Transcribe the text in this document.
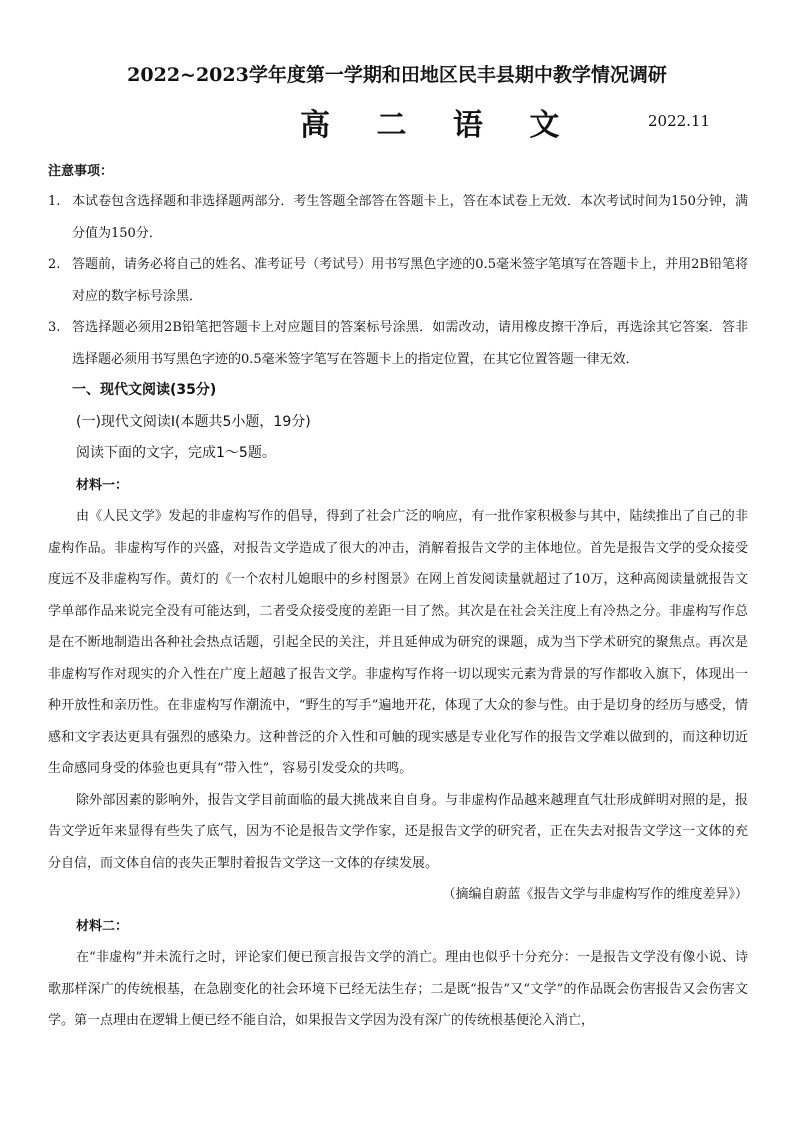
2022~2023学年度第一学期和田地区民丰县期中教学情况调研
高 二 语 文	2022.11
注意事项：
1. 本试卷包含选择题和非选择题两部分．考生答题全部答在答题卡上，答在本试卷上无效．本次考试时间为150分钟，满分值为150分．
2. 答题前，请务必将自己的姓名、准考证号（考试号）用书写黑色字迹的0.5毫米签字笔填写在答题卡上，并用2B铅笔将对应的数字标号涂黑．
3. 答选择题必须用2B铅笔把答题卡上对应题目的答案标号涂黑．如需改动，请用橡皮擦干净后，再选涂其它答案．答非选择题必须用书写黑色字迹的0.5毫米签字笔写在答题卡上的指定位置，在其它位置答题一律无效．
一、现代文阅读(35分)
(一)现代文阅读Ⅰ(本题共5小题，19分)
阅读下面的文字，完成1～5题。
材料一：
由《人民文学》发起的非虚构写作的倡导，得到了社会广泛的响应，有一批作家积极参与其中，陆续推出了自己的非虚构作品。非虚构写作的兴盛，对报告文学造成了很大的冲击，消解着报告文学的主体地位。首先是报告文学的受众接受度远不及非虚构写作。黄灯的《一个农村儿媳眼中的乡村图景》在网上首发阅读量就超过了10万，这种高阅读量就报告文学单部作品来说完全没有可能达到，二者受众接受度的差距一目了然。其次是在社会关注度上有冷热之分。非虚构写作总是在不断地制造出各种社会热点话题，引起全民的关注，并且延伸成为研究的课题，成为当下学术研究的聚焦点。再次是非虚构写作对现实的介入性在广度上超越了报告文学。非虚构写作将一切以现实元素为背景的写作都收入旗下，体现出一种开放性和亲历性。在非虚构写作潮流中，“野生的写手”遍地开花，体现了大众的参与性。由于是切身的经历与感受，情感和文字表达更具有强烈的感染力。这种普泛的介入性和可触的现实感是专业化写作的报告文学难以做到的，而这种切近生命感同身受的体验也更具有“带入性”，容易引发受众的共鸣。
除外部因素的影响外，报告文学目前面临的最大挑战来自自身。与非虚构作品越来越理直气壮形成鲜明对照的是，报告文学近年来显得有些失了底气，因为不论是报告文学作家，还是报告文学的研究者，正在失去对报告文学这一文体的充分自信，而文体自信的丧失正掣肘着报告文学这一文体的存续发展。
（摘编自蔚蓝《报告文学与非虚构写作的维度差异》）
材料二：
在“非虚构”并未流行之时，评论家们便已预言报告文学的消亡。理由也似乎十分充分：一是报告文学没有像小说、诗歌那样深广的传统根基，在急剧变化的社会环境下已经无法生存；二是既“报告”又“文学”的作品既会伤害报告又会伤害文学。第一点理由在逻辑上便已经不能自洽，如果报告文学因为没有深广的传统根基便沦入消亡，
